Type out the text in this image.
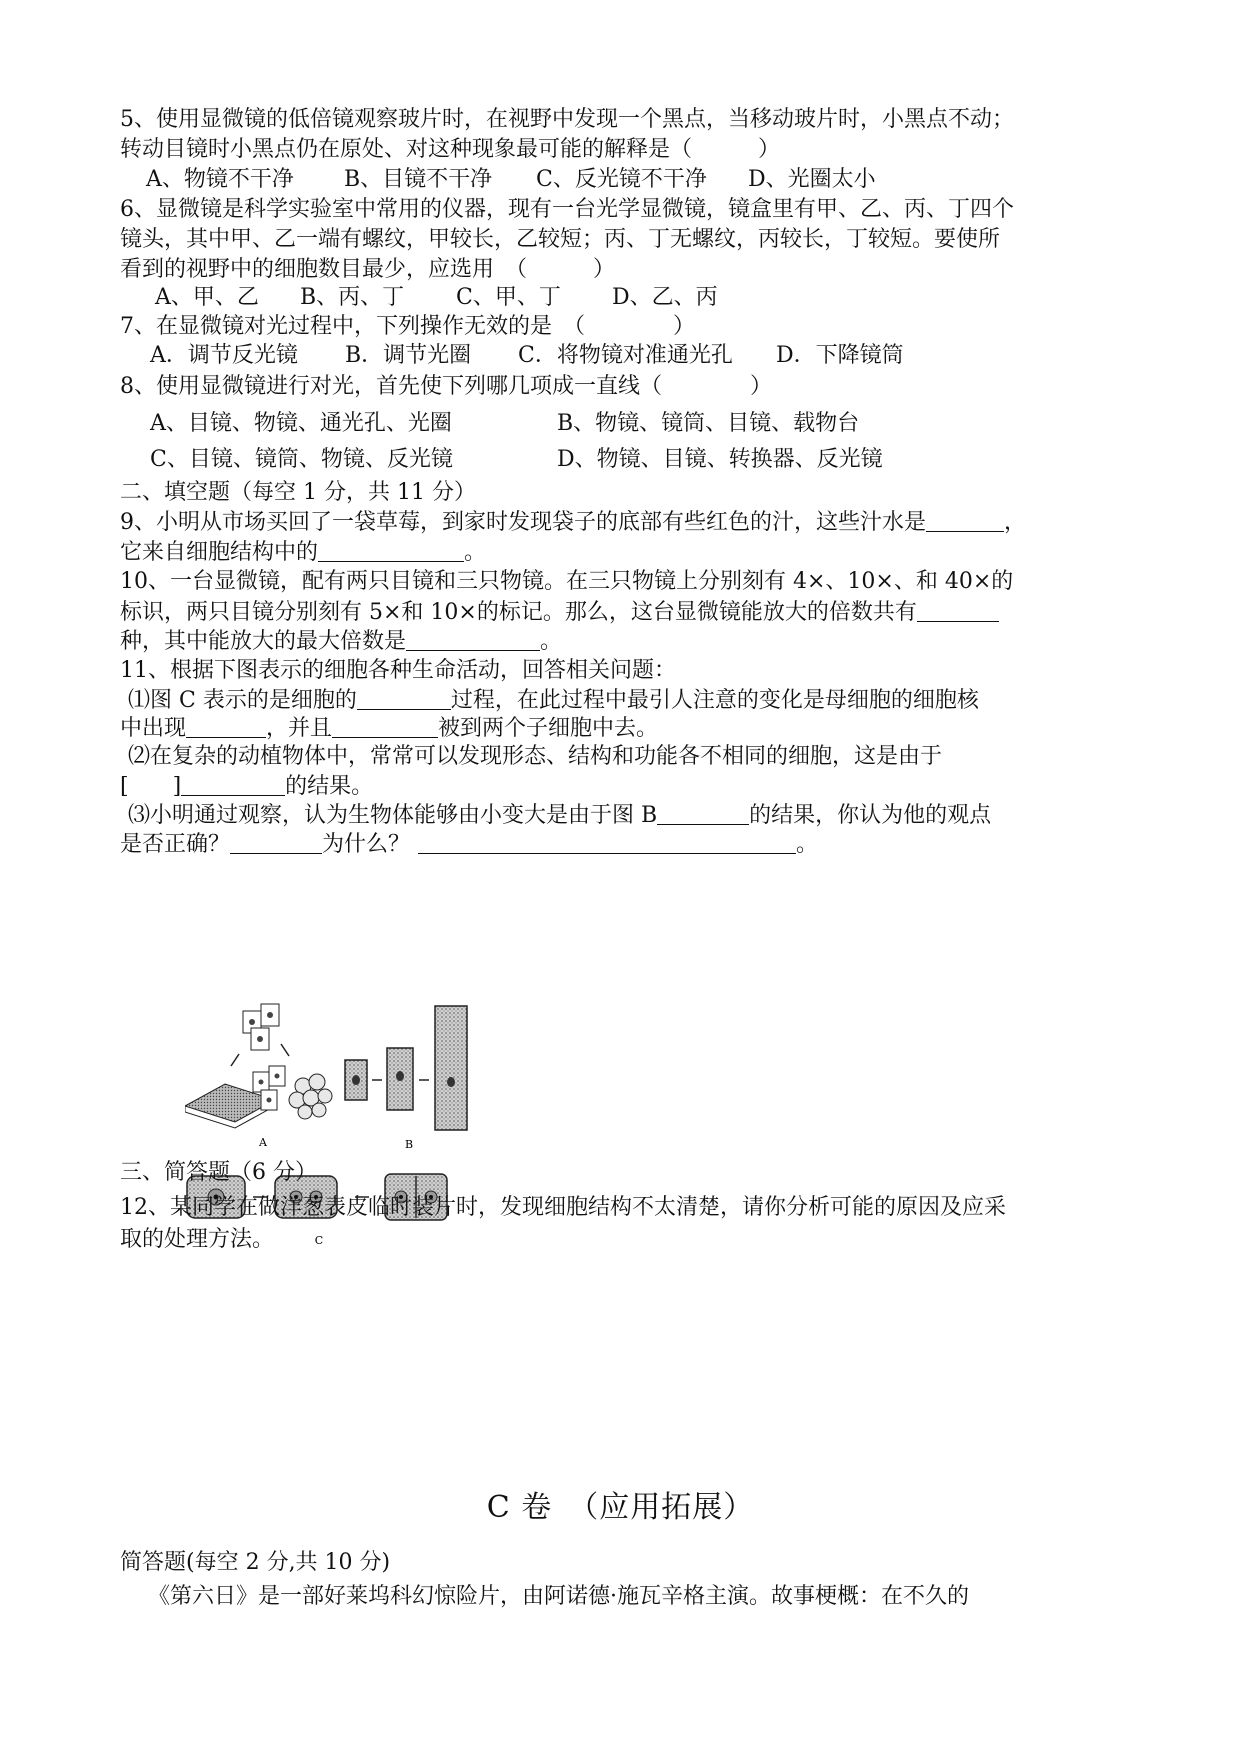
5、使用显微镜的低倍镜观察玻片时，在视野中发现一个黑点，当移动玻片时，小黑点不动；
转动目镜时小黑点仍在原处、对这种现象最可能的解释是（　　　）
A、物镜不干净 B、目镜不干净 C、反光镜不干净 D、光圈太小
6、显微镜是科学实验室中常用的仪器，现有一台光学显微镜，镜盒里有甲、乙、丙、丁四个
镜头，其中甲、乙一端有螺纹，甲较长，乙较短；丙、丁无螺纹，丙较长，丁较短。要使所
看到的视野中的细胞数目最少，应选用　（　　　）
A、甲、乙 B、丙、丁 C、甲、丁 D、乙、丙
7、在显微镜对光过程中，下列操作无效的是　（　　　　）
A．调节反光镜 B．调节光圈 C．将物镜对准通光孔 D．下降镜筒
8、使用显微镜进行对光，首先使下列哪几项成一直线（　　　　）
A、目镜、物镜、通光孔、光圈	B、物镜、镜筒、目镜、载物台
C、目镜、镜筒、物镜、反光镜	D、物镜、目镜、转换器、反光镜
二、填空题（每空 1 分，共 11 分）
9、小明从市场买回了一袋草莓，到家时发现袋子的底部有些红色的汁，这些汁水是	，
它来自细胞结构中的	。
10、一台显微镜，配有两只目镜和三只物镜。在三只物镜上分别刻有 4×、10×、和 40×的
标识，两只目镜分别刻有 5×和 10×的标记。那么，这台显微镜能放大的倍数共有
种，其中能放大的最大倍数是	。
11、根据下图表示的细胞各种生命活动，回答相关问题：
⑴图 C 表示的是细胞的	过程，在此过程中最引人注意的变化是母细胞的细胞核
中出现	，并且	被到两个子细胞中去。
⑵在复杂的动植物体中，常常可以发现形态、结构和功能各不相同的细胞，这是由于
[　　]	的结果。
⑶小明通过观察，认为生物体能够由小变大是由于图 B	的结果，你认为他的观点
是否正确？	为什么？	。
A	B
C
三、简答题（6 分）
12、某同学在做洋葱表皮临时装片时，发现细胞结构不太清楚，请你分析可能的原因及应采
取的处理方法。
C 卷　（应用拓展）
简答题(每空 2 分,共 10 分)
《第六日》是一部好莱坞科幻惊险片，由阿诺德·施瓦辛格主演。故事梗概：在不久的
